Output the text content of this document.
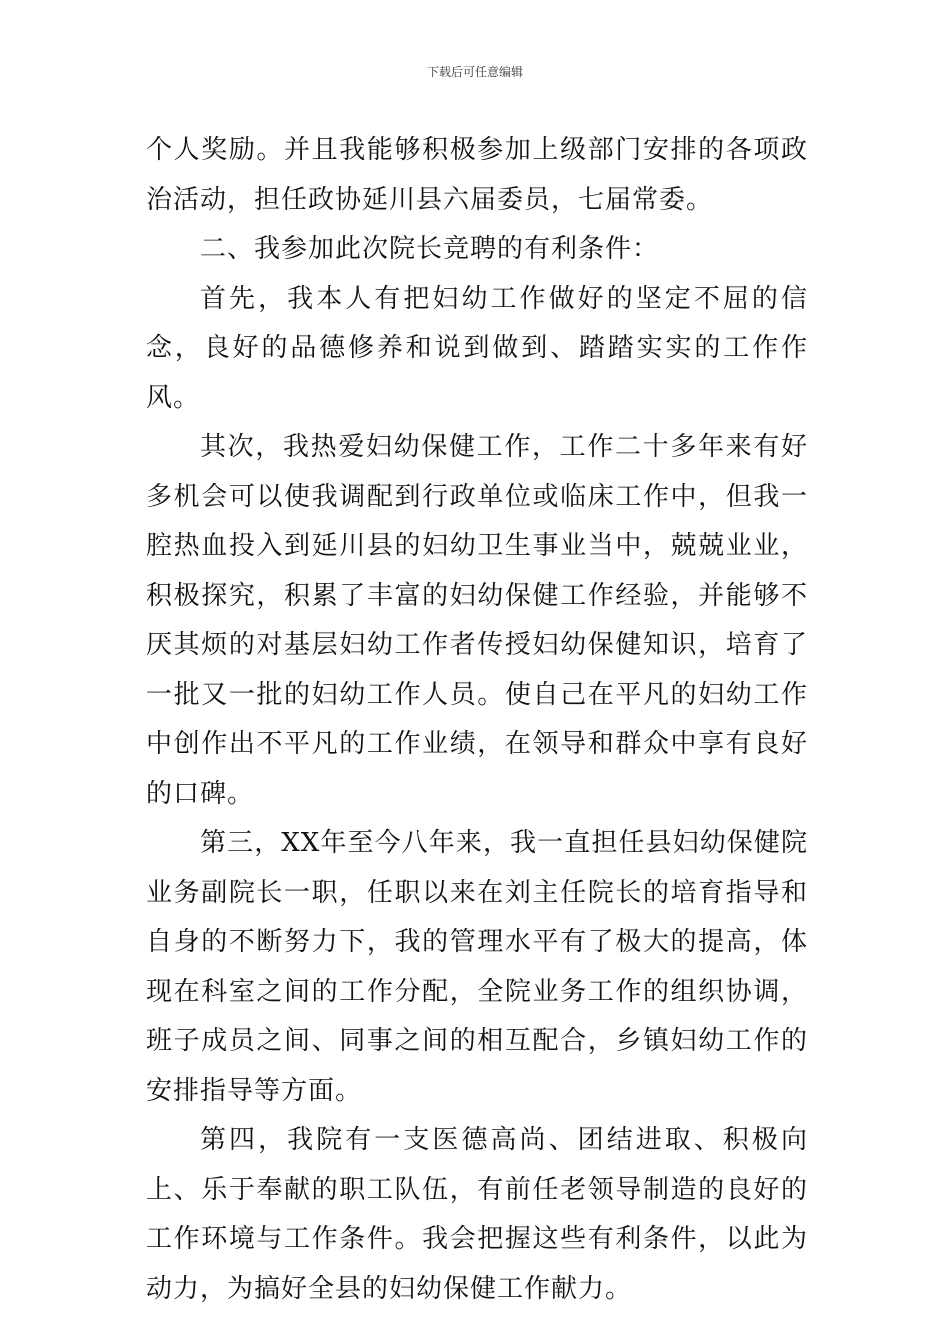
下载后可任意编辑

个人奖励。并且我能够积极参加上级部门安排的各项政治活动，担任政协延川县六届委员，七届常委。

二、我参加此次院长竞聘的有利条件：

首先，我本人有把妇幼工作做好的坚定不屈的信念，良好的品德修养和说到做到、踏踏实实的工作作风。

其次，我热爱妇幼保健工作，工作二十多年来有好多机会可以使我调配到行政单位或临床工作中，但我一腔热血投入到延川县的妇幼卫生事业当中，兢兢业业，积极探究，积累了丰富的妇幼保健工作经验，并能够不厌其烦的对基层妇幼工作者传授妇幼保健知识，培育了一批又一批的妇幼工作人员。使自己在平凡的妇幼工作中创作出不平凡的工作业绩，在领导和群众中享有良好的口碑。

第三，XX年至今八年来，我一直担任县妇幼保健院业务副院长一职，任职以来在刘主任院长的培育指导和自身的不断努力下，我的管理水平有了极大的提高，体现在科室之间的工作分配，全院业务工作的组织协调，班子成员之间、同事之间的相互配合，乡镇妇幼工作的安排指导等方面。

第四，我院有一支医德高尚、团结进取、积极向上、乐于奉献的职工队伍，有前任老领导制造的良好的工作环境与工作条件。我会把握这些有利条件，以此为动力，为搞好全县的妇幼保健工作献力。
